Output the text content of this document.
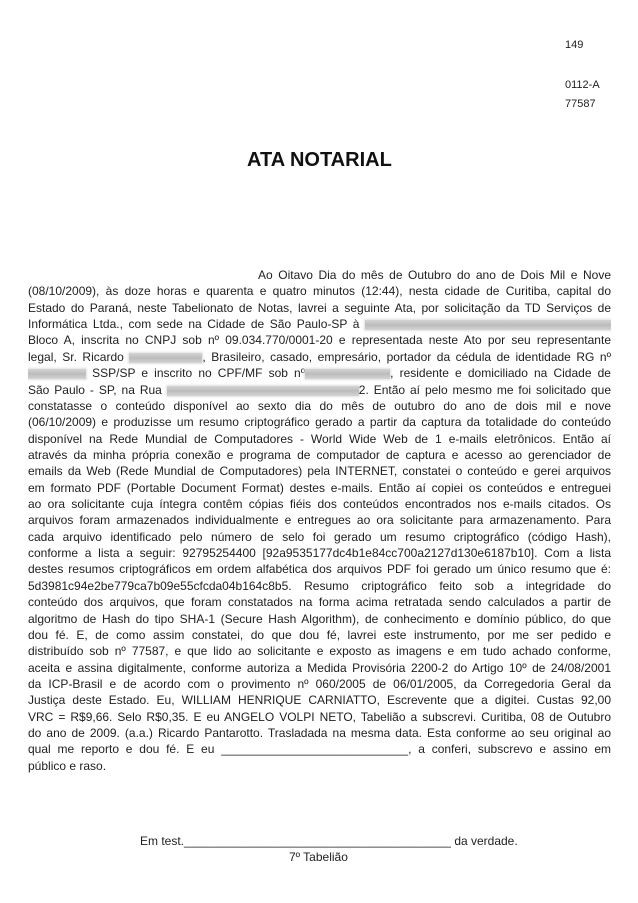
149
0112-A
77587
ATA NOTARIAL
Ao Oitavo Dia do mês de Outubro do ano de Dois Mil e Nove
(08/10/2009), às doze horas e quarenta e quatro minutos (12:44), nesta cidade de Curitiba, capital do
Estado do Paraná, neste Tabelionato de Notas, lavrei a seguinte Ata, por solicitação da TD Serviços de
Informática Ltda., com sede na Cidade de São Paulo-SP à
Bloco A, inscrita no CNPJ sob nº 09.034.770/0001-20 e representada neste Ato por seu representante
legal, Sr. Ricardo	, Brasileiro, casado, empresário, portador da cédula de identidade RG nº
SSP/SP e inscrito no CPF/MF sob nº	, residente e domiciliado na Cidade de
São Paulo - SP, na Rua	2. Então aí pelo mesmo me foi solicitado que
constatasse o conteúdo disponível ao sexto dia do mês de outubro do ano de dois mil e nove
(06/10/2009) e produzisse um resumo criptográfico gerado a partir da captura da totalidade do conteúdo
disponível na Rede Mundial de Computadores - World Wide Web de 1 e-mails eletrônicos. Então aí
através da minha própria conexão e programa de computador de captura e acesso ao gerenciador de
emails da Web (Rede Mundial de Computadores) pela INTERNET, constatei o conteúdo e gerei arquivos
em formato PDF (Portable Document Format) destes e-mails. Então aí copiei os conteúdos e entreguei
ao ora solicitante cuja íntegra contêm cópias fiéis dos conteúdos encontrados nos e-mails citados. Os
arquivos foram armazenados individualmente e entregues ao ora solicitante para armazenamento. Para
cada arquivo identificado pelo número de selo foi gerado um resumo criptográfico (código Hash),
conforme a lista a seguir: 92795254400 [92a9535177dc4b1e84cc700a2127d130e6187b10]. Com a lista
destes resumos criptográficos em ordem alfabética dos arquivos PDF foi gerado um único resumo que é:
5d3981c94e2be779ca7b09e55cfcda04b164c8b5. Resumo criptográfico feito sob a integridade do
conteúdo dos arquivos, que foram constatados na forma acima retratada sendo calculados a partir de
algoritmo de Hash do tipo SHA-1 (Secure Hash Algorithm), de conhecimento e domínio público, do que
dou fé. E, de como assim constatei, do que dou fé, lavrei este instrumento, por me ser pedido e
distribuído sob nº 77587, e que lido ao solicitante e exposto as imagens e em tudo achado conforme,
aceita e assina digitalmente, conforme autoriza a Medida Provisória 2200-2 do Artigo 10º de 24/08/2001
da ICP-Brasil e de acordo com o provimento nº 060/2005 de 06/01/2005, da Corregedoria Geral da
Justiça deste Estado. Eu, WILLIAM HENRIQUE CARNIATTO, Escrevente que a digitei. Custas 92,00
VRC = R$9,66. Selo R$0,35. E eu ANGELO VOLPI NETO, Tabelião a subscrevi. Curitiba, 08 de Outubro
do ano de 2009. (a.a.) Ricardo Pantarotto. Trasladada na mesma data. Esta conforme ao seu original ao
qual me reporto e dou fé. E eu ____________________________, a conferi, subscrevo e assino em
público e raso.
Em test.________________________________________ da verdade.
7º Tabelião
